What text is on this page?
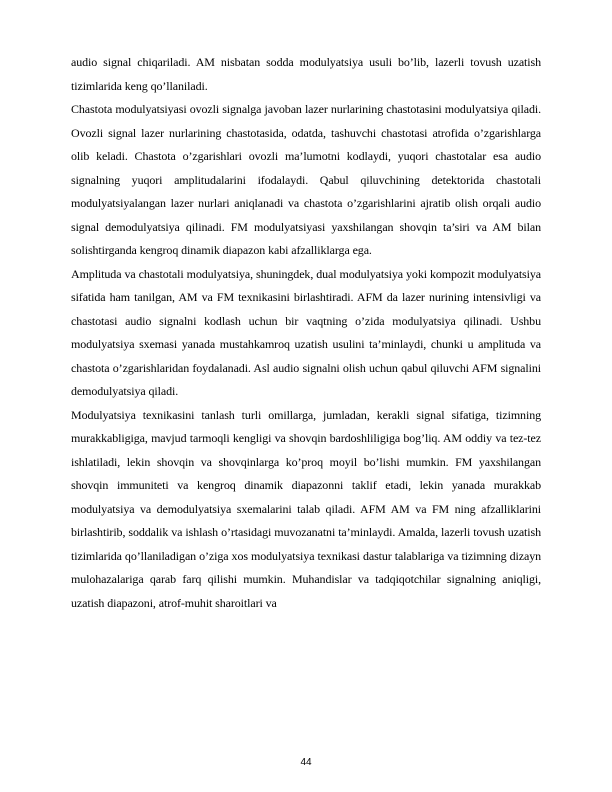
audio signal chiqariladi. AM nisbatan sodda modulyatsiya usuli bo’lib, lazerli tovush uzatish tizimlarida keng qo’llaniladi.

Chastota modulyatsiyasi ovozli signalga javoban lazer nurlarining chastotasini modulyatsiya qiladi. Ovozli signal lazer nurlarining chastotasida, odatda, tashuvchi chastotasi atrofida o’zgarishlarga olib keladi. Chastota o’zgarishlari ovozli ma’lumotni kodlaydi, yuqori chastotalar esa audio signalning yuqori amplitudalarini ifodalaydi. Qabul qiluvchining detektorida chastotali modulyatsiyalangan lazer nurlari aniqlanadi va chastota o’zgarishlarini ajratib olish orqali audio signal demodulyatsiya qilinadi. FM modulyatsiyasi yaxshilangan shovqin ta’siri va AM bilan solishtirganda kengroq dinamik diapazon kabi afzalliklarga ega.

Amplituda va chastotali modulyatsiya, shuningdek, dual modulyatsiya yoki kompozit modulyatsiya sifatida ham tanilgan, AM va FM texnikasini birlashtiradi. AFM da lazer nurining intensivligi va chastotasi audio signalni kodlash uchun bir vaqtning o’zida modulyatsiya qilinadi. Ushbu modulyatsiya sxemasi yanada mustahkamroq uzatish usulini ta’minlaydi, chunki u amplituda va chastota o’zgarishlaridan foydalanadi. Asl audio signalni olish uchun qabul qiluvchi AFM signalini demodulyatsiya qiladi.

Modulyatsiya texnikasini tanlash turli omillarga, jumladan, kerakli signal sifatiga, tizimning murakkabligiga, mavjud tarmoqli kengligi va shovqin bardoshliligiga bog’liq. AM oddiy va tez-tez ishlatiladi, lekin shovqin va shovqinlarga ko’proq moyil bo’lishi mumkin. FM yaxshilangan shovqin immuniteti va kengroq dinamik diapazonni taklif etadi, lekin yanada murakkab modulyatsiya va demodulyatsiya sxemalarini talab qiladi. AFM AM va FM ning afzalliklarini birlashtirib, soddalik va ishlash o’rtasidagi muvozanatni ta’minlaydi. Amalda, lazerli tovush uzatish tizimlarida qo’llaniladigan o’ziga xos modulyatsiya texnikasi dastur talablariga va tizimning dizayn mulohazalariga qarab farq qilishi mumkin. Muhandislar va tadqiqotchilar signalning aniqligi, uzatish diapazoni, atrof-muhit sharoitlari va

44
